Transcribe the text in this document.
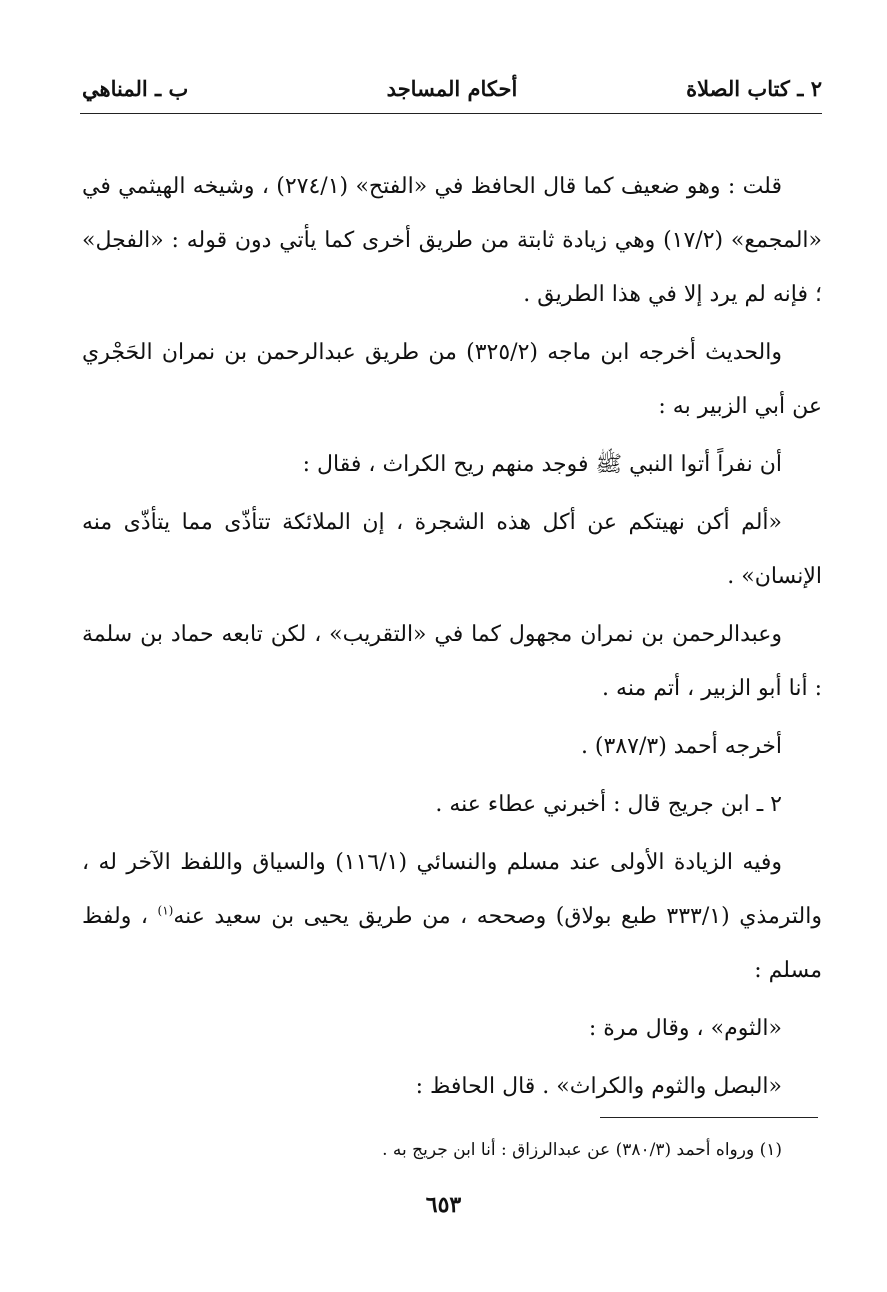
٢ ـ كتاب الصلاة
أحكام المساجد
ب ـ المناهي

قلت : وهو ضعيف كما قال الحافظ في «الفتح» (٢٧٤/١) ، وشيخه الهيثمي في «المجمع» (١٧/٢) وهي زيادة ثابتة من طريق أخرى كما يأتي دون قوله : «الفجل» ؛ فإنه لم يرد إلا في هذا الطريق .

والحديث أخرجه ابن ماجه (٣٢٥/٢) من طريق عبدالرحمن بن نمران الحَجْري عن أبي الزبير به :

أن نفراً أتوا النبي ﷺ فوجد منهم ريح الكراث ، فقال :

«ألم أكن نهيتكم عن أكل هذه الشجرة ، إن الملائكة تتأذّى مما يتأذّى منه الإنسان» .

وعبدالرحمن بن نمران مجهول كما في «التقريب» ، لكن تابعه حماد بن سلمة : أنا أبو الزبير ، أتم منه .

أخرجه أحمد (٣٨٧/٣) .

٢ ـ ابن جريج قال : أخبرني عطاء عنه .

وفيه الزيادة الأولى عند مسلم والنسائي (١١٦/١) والسياق واللفظ الآخر له ، والترمذي (٣٣٣/١ طبع بولاق) وصححه ، من طريق يحيى بن سعيد عنه$^{(١)}$ ، ولفظ مسلم :

«الثوم» ، وقال مرة :

«البصل والثوم والكراث» . قال الحافظ :

(١) ورواه أحمد (٣٨٠/٣) عن عبدالرزاق : أنا ابن جريج به .
٦٥٣
